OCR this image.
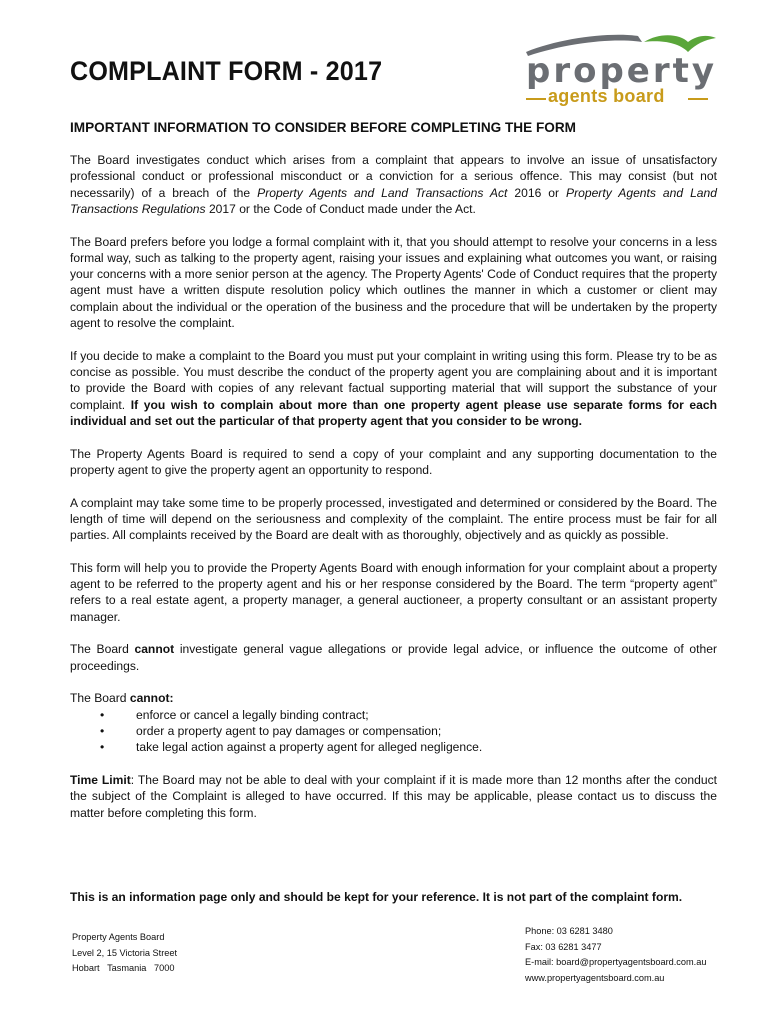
COMPLAINT FORM - 2017	property
agents board
IMPORTANT INFORMATION TO CONSIDER BEFORE COMPLETING THE FORM

The Board investigates conduct which arises from a complaint that appears to involve an issue of unsatisfactory professional conduct or professional misconduct or a conviction for a serious offence. This may consist (but not necessarily) of a breach of the Property Agents and Land Transactions Act 2016 or Property Agents and Land Transactions Regulations 2017 or the Code of Conduct made under the Act.

The Board prefers before you lodge a formal complaint with it, that you should attempt to resolve your concerns in a less formal way, such as talking to the property agent, raising your issues and explaining what outcomes you want, or raising your concerns with a more senior person at the agency. The Property Agents' Code of Conduct requires that the property agent must have a written dispute resolution policy which outlines the manner in which a customer or client may complain about the individual or the operation of the business and the procedure that will be undertaken by the property agent to resolve the complaint.

If you decide to make a complaint to the Board you must put your complaint in writing using this form. Please try to be as concise as possible. You must describe the conduct of the property agent you are complaining about and it is important to provide the Board with copies of any relevant factual supporting material that will support the substance of your complaint. If you wish to complain about more than one property agent please use separate forms for each individual and set out the particular of that property agent that you consider to be wrong.

The Property Agents Board is required to send a copy of your complaint and any supporting documentation to the property agent to give the property agent an opportunity to respond.

A complaint may take some time to be properly processed, investigated and determined or considered by the Board. The length of time will depend on the seriousness and complexity of the complaint. The entire process must be fair for all parties. All complaints received by the Board are dealt with as thoroughly, objectively and as quickly as possible.

This form will help you to provide the Property Agents Board with enough information for your complaint about a property agent to be referred to the property agent and his or her response considered by the Board. The term “property agent” refers to a real estate agent, a property manager, a general auctioneer, a property consultant or an assistant property manager.

The Board cannot investigate general vague allegations or provide legal advice, or influence the outcome of other proceedings.

The Board cannot:
•	enforce or cancel a legally binding contract;
•	order a property agent to pay damages or compensation;
•	take legal action against a property agent for alleged negligence.

Time Limit: The Board may not be able to deal with your complaint if it is made more than 12 months after the conduct the subject of the Complaint is alleged to have occurred. If this may be applicable, please contact us to discuss the matter before completing this form.

This is an information page only and should be kept for your reference. It is not part of the complaint form.

Property Agents Board
Level 2, 15 Victoria Street
Hobart   Tasmania   7000
Phone: 03 6281 3480
Fax: 03 6281 3477
E-mail: board@propertyagentsboard.com.au
www.propertyagentsboard.com.au
